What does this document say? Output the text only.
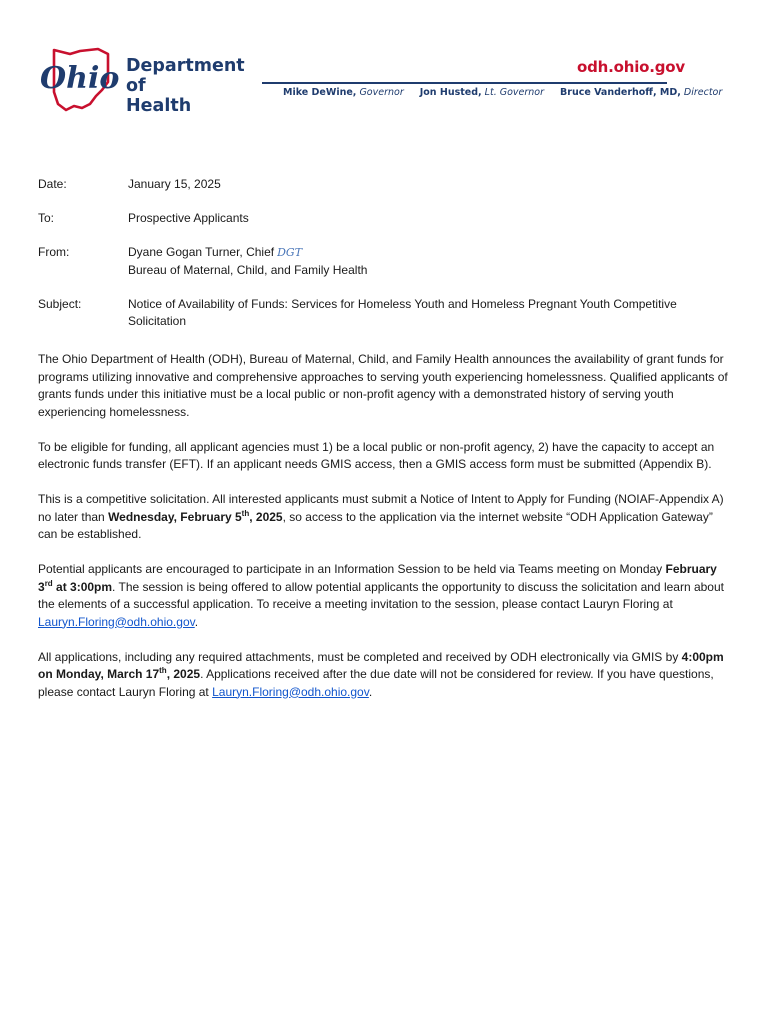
Ohio Department of
Health
odh.ohio.gov
Mike DeWine, Governor Jon Husted, Lt. Governor Bruce Vanderhoff, MD, Director
Date:	January 15, 2025
To:	Prospective Applicants
From:	Dyane Gogan Turner, Chief DGT
Bureau of Maternal, Child, and Family Health
Subject:	Notice of Availability of Funds: Services for Homeless Youth and Homeless Pregnant Youth Competitive
Solicitation

The Ohio Department of Health (ODH), Bureau of Maternal, Child, and Family Health announces the availability of grant funds for programs utilizing innovative and comprehensive approaches to serving youth experiencing homelessness. Qualified applicants of grants funds under this initiative must be a local public or non-profit agency with a demonstrated history of serving youth experiencing homelessness.

To be eligible for funding, all applicant agencies must 1) be a local public or non-profit agency, 2) have the capacity to accept an electronic funds transfer (EFT). If an applicant needs GMIS access, then a GMIS access form must be submitted (Appendix B).

This is a competitive solicitation. All interested applicants must submit a Notice of Intent to Apply for Funding (NOIAF-Appendix A) no later than Wednesday, February 5th, 2025, so access to the application via the internet website “ODH Application Gateway” can be established.

Potential applicants are encouraged to participate in an Information Session to be held via Teams meeting on Monday February 3rd at 3:00pm. The session is being offered to allow potential applicants the opportunity to discuss the solicitation and learn about the elements of a successful application. To receive a meeting invitation to the session, please contact Lauryn Floring at Lauryn.Floring@odh.ohio.gov.

All applications, including any required attachments, must be completed and received by ODH electronically via GMIS by 4:00pm on Monday, March 17th, 2025. Applications received after the due date will not be considered for review. If you have questions, please contact Lauryn Floring at Lauryn.Floring@odh.ohio.gov.
